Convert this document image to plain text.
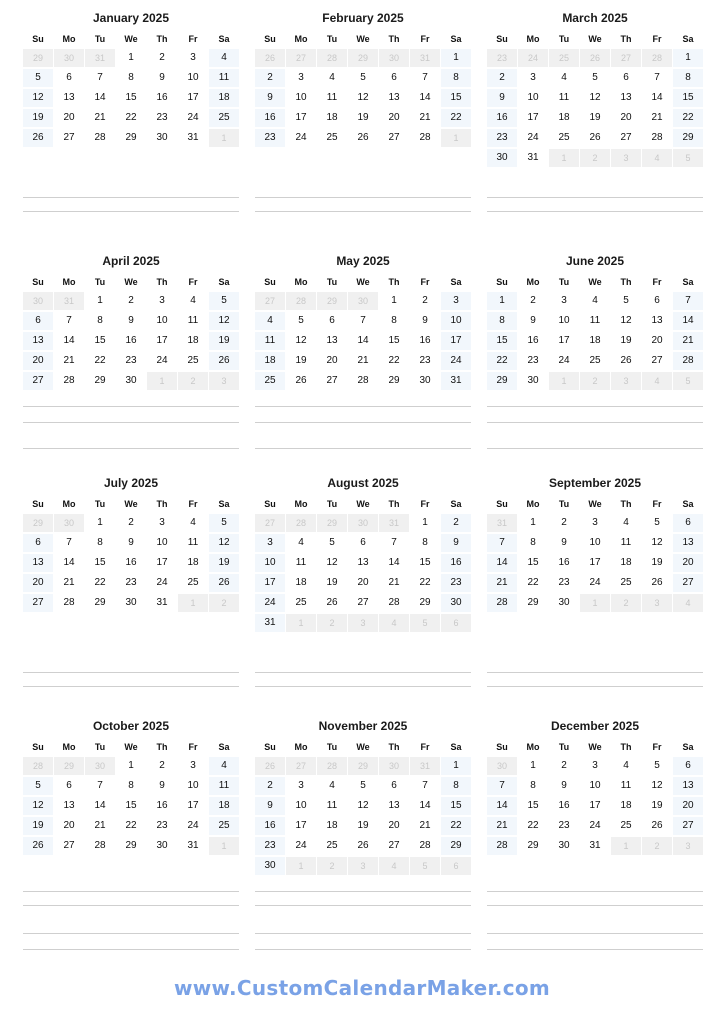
January 2025
Su	Mo	Tu	We	Th	Fr	Sa
29	30	31	1	2	3	4
5	6	7	8	9	10	11
12	13	14	15	16	17	18
19	20	21	22	23	24	25
26	27	28	29	30	31	1
February 2025
Su	Mo	Tu	We	Th	Fr	Sa
26	27	28	29	30	31	1
2	3	4	5	6	7	8
9	10	11	12	13	14	15
16	17	18	19	20	21	22
23	24	25	26	27	28	1
March 2025
Su	Mo	Tu	We	Th	Fr	Sa
23	24	25	26	27	28	1
2	3	4	5	6	7	8
9	10	11	12	13	14	15
16	17	18	19	20	21	22
23	24	25	26	27	28	29
30	31	1	2	3	4	5
April 2025
Su	Mo	Tu	We	Th	Fr	Sa
30	31	1	2	3	4	5
6	7	8	9	10	11	12
13	14	15	16	17	18	19
20	21	22	23	24	25	26
27	28	29	30	1	2	3
May 2025
Su	Mo	Tu	We	Th	Fr	Sa
27	28	29	30	1	2	3
4	5	6	7	8	9	10
11	12	13	14	15	16	17
18	19	20	21	22	23	24
25	26	27	28	29	30	31
June 2025
Su	Mo	Tu	We	Th	Fr	Sa
1	2	3	4	5	6	7
8	9	10	11	12	13	14
15	16	17	18	19	20	21
22	23	24	25	26	27	28
29	30	1	2	3	4	5
July 2025
Su	Mo	Tu	We	Th	Fr	Sa
29	30	1	2	3	4	5
6	7	8	9	10	11	12
13	14	15	16	17	18	19
20	21	22	23	24	25	26
27	28	29	30	31	1	2
August 2025
Su	Mo	Tu	We	Th	Fr	Sa
27	28	29	30	31	1	2
3	4	5	6	7	8	9
10	11	12	13	14	15	16
17	18	19	20	21	22	23
24	25	26	27	28	29	30
31	1	2	3	4	5	6
September 2025
Su	Mo	Tu	We	Th	Fr	Sa
31	1	2	3	4	5	6
7	8	9	10	11	12	13
14	15	16	17	18	19	20
21	22	23	24	25	26	27
28	29	30	1	2	3	4
October 2025
Su	Mo	Tu	We	Th	Fr	Sa
28	29	30	1	2	3	4
5	6	7	8	9	10	11
12	13	14	15	16	17	18
19	20	21	22	23	24	25
26	27	28	29	30	31	1
November 2025
Su	Mo	Tu	We	Th	Fr	Sa
26	27	28	29	30	31	1
2	3	4	5	6	7	8
9	10	11	12	13	14	15
16	17	18	19	20	21	22
23	24	25	26	27	28	29
30	1	2	3	4	5	6
December 2025
Su	Mo	Tu	We	Th	Fr	Sa
30	1	2	3	4	5	6
7	8	9	10	11	12	13
14	15	16	17	18	19	20
21	22	23	24	25	26	27
28	29	30	31	1	2	3
www.CustomCalendarMaker.com
